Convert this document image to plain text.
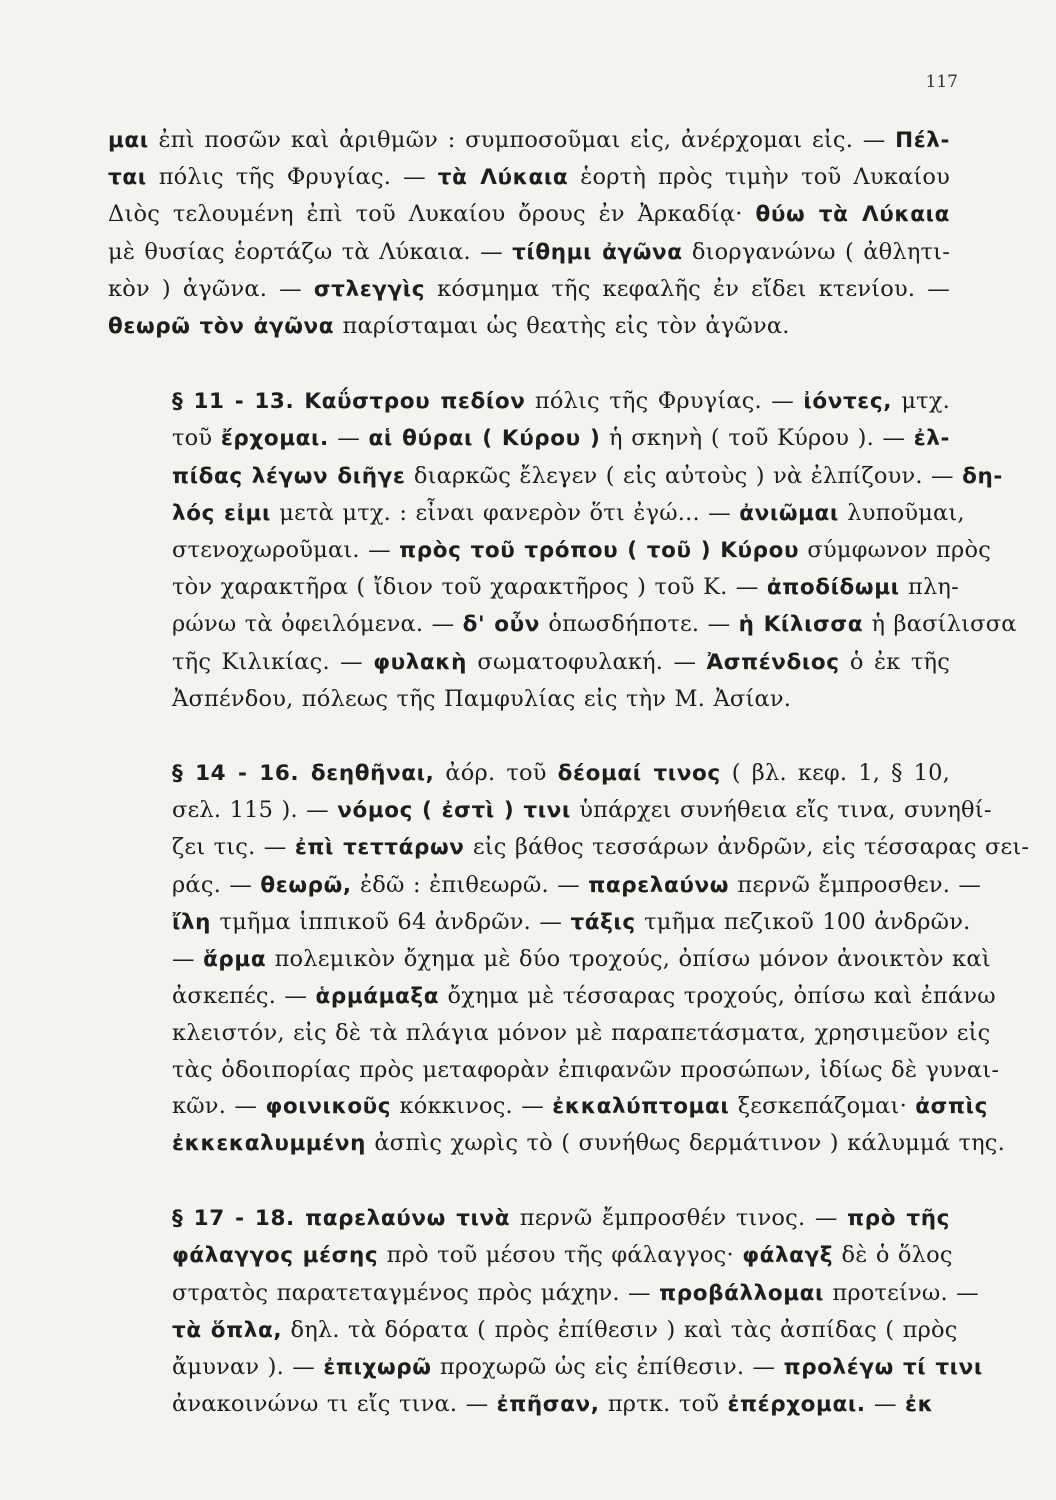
117
μαι ἐπὶ ποσῶν καὶ ἀριθμῶν : συμποσοῦμαι εἰς, ἀνέρχομαι εἰς. — Πέλ-
ται πόλις τῆς Φρυγίας. — τὰ Λύκαια ἑορτὴ πρὸς τιμὴν τοῦ Λυκαίου
Διὸς τελουμένη ἐπὶ τοῦ Λυκαίου ὄρους ἐν Ἀρκαδίᾳ· θύω τὰ Λύκαια
μὲ θυσίας ἑορτάζω τὰ Λύκαια. — τίθημι ἀγῶνα διοργανώνω ( ἀθλητι-
κὸν ) ἀγῶνα. — στλεγγὶς κόσμημα τῆς κεφαλῆς ἐν εἴδει κτενίου. —
θεωρῶ τὸν ἀγῶνα παρίσταμαι ὡς θεατὴς εἰς τὸν ἀγῶνα.
§ 11 - 13. Καΰστρου πεδίον πόλις τῆς Φρυγίας. — ἰόντες, μτχ.
τοῦ ἔρχομαι. — αἱ θύραι ( Κύρου ) ἡ σκηνὴ ( τοῦ Κύρου ). — ἐλ-
πίδας λέγων διῆγε διαρκῶς ἔλεγεν ( εἰς αὐτοὺς ) νὰ ἐλπίζουν. — δη-
λός εἰμι μετὰ μτχ. : εἶναι φανερὸν ὅτι ἐγώ... — ἀνιῶμαι λυποῦμαι,
στενοχωροῦμαι. — πρὸς τοῦ τρόπου ( τοῦ ) Κύρου σύμφωνον πρὸς
τὸν χαρακτῆρα ( ἴδιον τοῦ χαρακτῆρος ) τοῦ Κ. — ἀποδίδωμι πλη-
ρώνω τὰ ὀφειλόμενα. — δ' οὖν ὁπωσδήποτε. — ἡ Κίλισσα ἡ βασίλισσα
τῆς Κιλικίας. — φυλακὴ σωματοφυλακή. — Ἀσπένδιος ὁ ἐκ τῆς
Ἀσπένδου, πόλεως τῆς Παμφυλίας εἰς τὴν Μ. Ἀσίαν.
§ 14 - 16. δεηθῆναι, ἀόρ. τοῦ δέομαί τινος ( βλ. κεφ. 1, § 10,
σελ. 115 ). — νόμος ( ἐστὶ ) τινι ὑπάρχει συνήθεια εἴς τινα, συνηθί-
ζει τις. — ἐπὶ τεττάρων εἰς βάθος τεσσάρων ἀνδρῶν, εἰς τέσσαρας σει-
ράς. — θεωρῶ, ἐδῶ : ἐπιθεωρῶ. — παρελαύνω περνῶ ἔμπροσθεν. —
ἴλη τμῆμα ἱππικοῦ 64 ἀνδρῶν. — τάξις τμῆμα πεζικοῦ 100 ἀνδρῶν.
— ἅρμα πολεμικὸν ὄχημα μὲ δύο τροχούς, ὀπίσω μόνον ἀνοικτὸν καὶ
ἀσκεπές. — ἁρμάμαξα ὄχημα μὲ τέσσαρας τροχούς, ὀπίσω καὶ ἐπάνω
κλειστόν, εἰς δὲ τὰ πλάγια μόνον μὲ παραπετάσματα, χρησιμεῦον εἰς
τὰς ὁδοιπορίας πρὸς μεταφορὰν ἐπιφανῶν προσώπων, ἰδίως δὲ γυναι-
κῶν. — φοινικοῦς κόκκινος. — ἐκκαλύπτομαι ξεσκεπάζομαι· ἀσπὶς
ἐκκεκαλυμμένη ἀσπὶς χωρὶς τὸ ( συνήθως δερμάτινον ) κάλυμμά της.
§ 17 - 18. παρελαύνω τινὰ περνῶ ἔμπροσθέν τινος. — πρὸ τῆς
φάλαγγος μέσης πρὸ τοῦ μέσου τῆς φάλαγγος· φάλαγξ δὲ ὁ ὅλος
στρατὸς παρατεταγμένος πρὸς μάχην. — προβάλλομαι προτείνω. —
τὰ ὅπλα, δηλ. τὰ δόρατα ( πρὸς ἐπίθεσιν ) καὶ τὰς ἀσπίδας ( πρὸς
ἄμυναν ). — ἐπιχωρῶ προχωρῶ ὡς εἰς ἐπίθεσιν. — προλέγω τί τινι
ἀνακοινώνω τι εἴς τινα. — ἐπῆσαν, πρτκ. τοῦ ἐπέρχομαι. — ἐκ
